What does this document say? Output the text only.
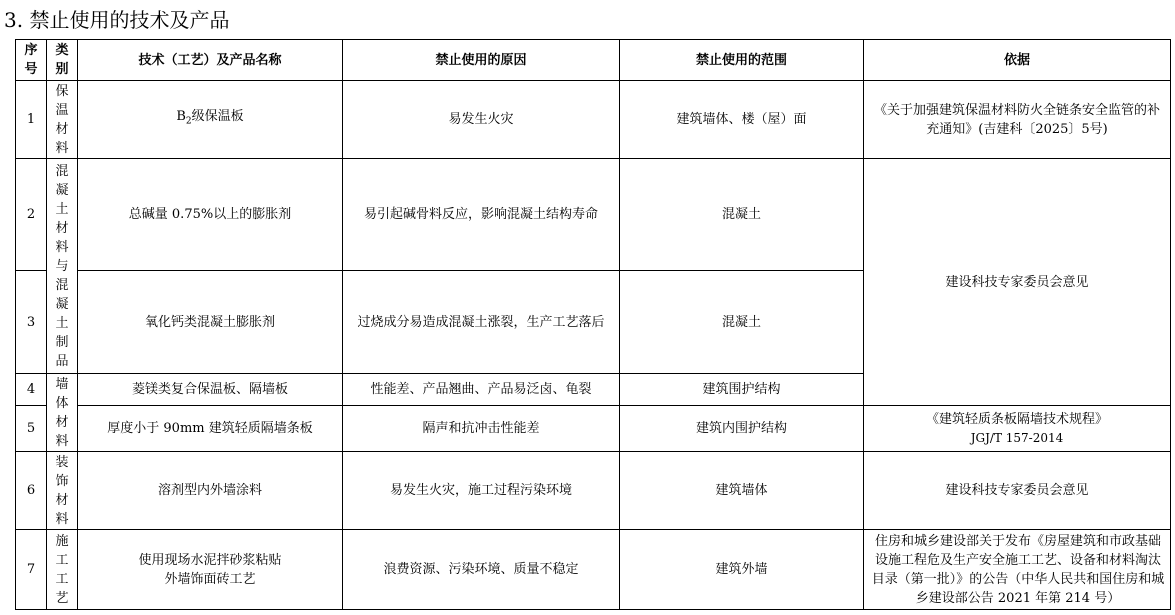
3. 禁止使用的技术及产品
序号	类别	技术（工艺）及产品名称	禁止使用的原因	禁止使用的范围	依据
1	保温材料	$B_2$级保温板	易发生火灾	建筑墙体、楼（屋）面	《关于加强建筑保温材料防火全链条安全监管的补充通知》(吉建科〔2025〕5号)
2	混凝土材料与混凝土制品	总碱量 0.75%以上的膨胀剂	易引起碱骨料反应，影响混凝土结构寿命	混凝土	建设科技专家委员会意见
3		氧化钙类混凝土膨胀剂	过烧成分易造成混凝土涨裂，生产工艺落后	混凝土	
4	墙体材料	菱镁类复合保温板、隔墙板	性能差、产品翘曲、产品易泛卤、龟裂	建筑围护结构	
5		厚度小于 90mm 建筑轻质隔墙条板	隔声和抗冲击性能差	建筑内围护结构	《建筑轻质条板隔墙技术规程》
JGJ/T 157-2014

6	装饰材料	溶剂型内外墙涂料	易发生火灾，施工过程污染环境	建筑墙体	建设科技专家委员会意见
7	施工工艺	使用现场水泥拌砂浆粘贴
外墙饰面砖工艺	浪费资源、污染环境、质量不稳定	建筑外墙	住房和城乡建设部关于发布《房屋建筑和市政基础设施工程危及生产安全施工工艺、设备和材料淘汰目录（第一批）》的公告（中华人民共和国住房和城乡建设部公告 2021 年第 214 号）
